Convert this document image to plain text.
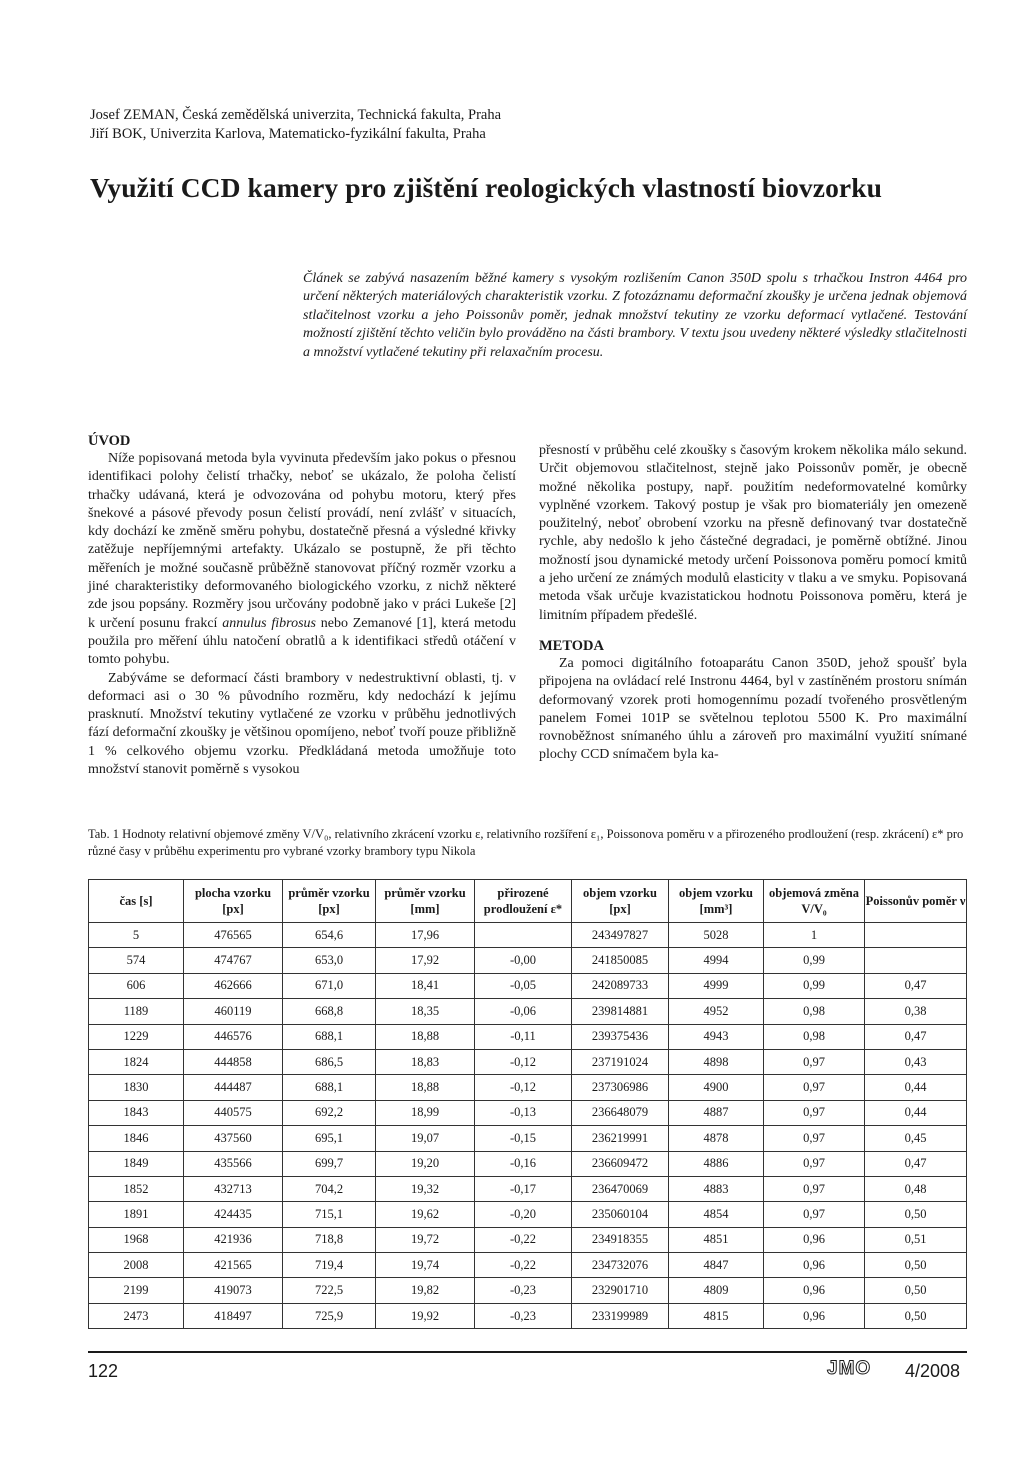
Josef ZEMAN, Česká zemědělská univerzita, Technická fakulta, Praha
Jiří BOK, Univerzita Karlova, Matematicko-fyzikální fakulta, Praha
Využití CCD kamery pro zjištění reologických vlastností biovzorku
Článek se zabývá nasazením běžné kamery s vysokým rozlišením Canon 350D spolu s trhačkou Instron 4464 pro určení některých materiálových charakteristik vzorku. Z fotozáznamu deformační zkoušky je určena jednak objemová stlačitelnost vzorku a jeho Poissonův poměr, jednak množství tekutiny ze vzorku deformací vytlačené. Testování možností zjištění těchto veličin bylo prováděno na části brambory. V textu jsou uvedeny některé výsledky stlačitelnosti a množství vytlačené tekutiny při relaxačním procesu.
ÚVOD

Níže popisovaná metoda byla vyvinuta především jako pokus o přesnou identifikaci polohy čelistí trhačky, neboť se ukázalo, že poloha čelistí trhačky udávaná, která je odvozována od pohybu motoru, který přes šnekové a pásové převody posun čelistí provádí, není zvlášť v situacích, kdy dochází ke změně směru pohybu, dostatečně přesná a výsledné křivky zatěžuje nepříjemnými artefakty. Ukázalo se postupně, že při těchto měřeních je možné současně průběžně stanovovat příčný rozměr vzorku a jiné charakteristiky deformovaného biologického vzorku, z nichž některé zde jsou popsány. Rozměry jsou určovány podobně jako v práci Lukeše [2] k určení posunu frakcí annulus fibrosus nebo Zemanové [1], která metodu použila pro měření úhlu natočení obratlů a k identifikaci středů otáčení v tomto pohybu.

Zabýváme se deformací části brambory v nedestruktivní oblasti, tj. v deformaci asi o 30 % původního rozměru, kdy nedochází k jejímu prasknutí. Množství tekutiny vytlačené ze vzorku v průběhu jednotlivých fází deformační zkoušky je většinou opomíjeno, neboť tvoří pouze přibližně 1 % celkového objemu vzorku. Předkládaná metoda umožňuje toto množství stanovit poměrně s vysokou

přesností v průběhu celé zkoušky s časovým krokem několika málo sekund. Určit objemovou stlačitelnost, stejně jako Poissonův poměr, je obecně možné několika postupy, např. použitím nedeformovatelné komůrky vyplněné vzorkem. Takový postup je však pro biomateriály jen omezeně použitelný, neboť obrobení vzorku na přesně definovaný tvar dostatečně rychle, aby nedošlo k jeho částečné degradaci, je poměrně obtížné. Jinou možností jsou dynamické metody určení Poissonova poměru pomocí kmitů a jeho určení ze známých modulů elasticity v tlaku a ve smyku. Popisovaná metoda však určuje kvazistatickou hodnotu Poissonova poměru, která je limitním případem předešlé.

METODA

Za pomoci digitálního fotoaparátu Canon 350D, jehož spoušť byla připojena na ovládací relé Instronu 4464, byl v zastíněném prostoru snímán deformovaný vzorek proti homogennímu pozadí tvořeného prosvětleným panelem Fomei 101P se světelnou teplotou 5500 K. Pro maximální rovnoběžnost snímaného úhlu a zároveň pro maximální využití snímané plochy CCD snímačem byla ka-

Tab. 1 Hodnoty relativní objemové změny V/V₀, relativního zkrácení vzorku ε, relativního rozšíření ε₁, Poissonova poměru ν a přirozeného prodloužení (resp. zkrácení) ε* pro různé časy v průběhu experimentu pro vybrané vzorky brambory typu Nikola
čas [s]	plocha vzorku [px]	průměr vzorku [px]	průměr vzorku [mm]	přirozené prodloužení ε*	objem vzorku [px]	objem vzorku [mm³]	objemová změna V/V₀	Poissonův poměr ν
5	476565	654,6	17,96		243497827	5028	1	
574	474767	653,0	17,92	-0,00	241850085	4994	0,99	
606	462666	671,0	18,41	-0,05	242089733	4999	0,99	0,47
1189	460119	668,8	18,35	-0,06	239814881	4952	0,98	0,38
1229	446576	688,1	18,88	-0,11	239375436	4943	0,98	0,47
1824	444858	686,5	18,83	-0,12	237191024	4898	0,97	0,43
1830	444487	688,1	18,88	-0,12	237306986	4900	0,97	0,44
1843	440575	692,2	18,99	-0,13	236648079	4887	0,97	0,44
1846	437560	695,1	19,07	-0,15	236219991	4878	0,97	0,45
1849	435566	699,7	19,20	-0,16	236609472	4886	0,97	0,47
1852	432713	704,2	19,32	-0,17	236470069	4883	0,97	0,48
1891	424435	715,1	19,62	-0,20	235060104	4854	0,97	0,50
1968	421936	718,8	19,72	-0,22	234918355	4851	0,96	0,51
2008	421565	719,4	19,74	-0,22	234732076	4847	0,96	0,50
2199	419073	722,5	19,82	-0,23	232901710	4809	0,96	0,50
2473	418497	725,9	19,92	-0,23	233199989	4815	0,96	0,50
122	JMO 4/2008
